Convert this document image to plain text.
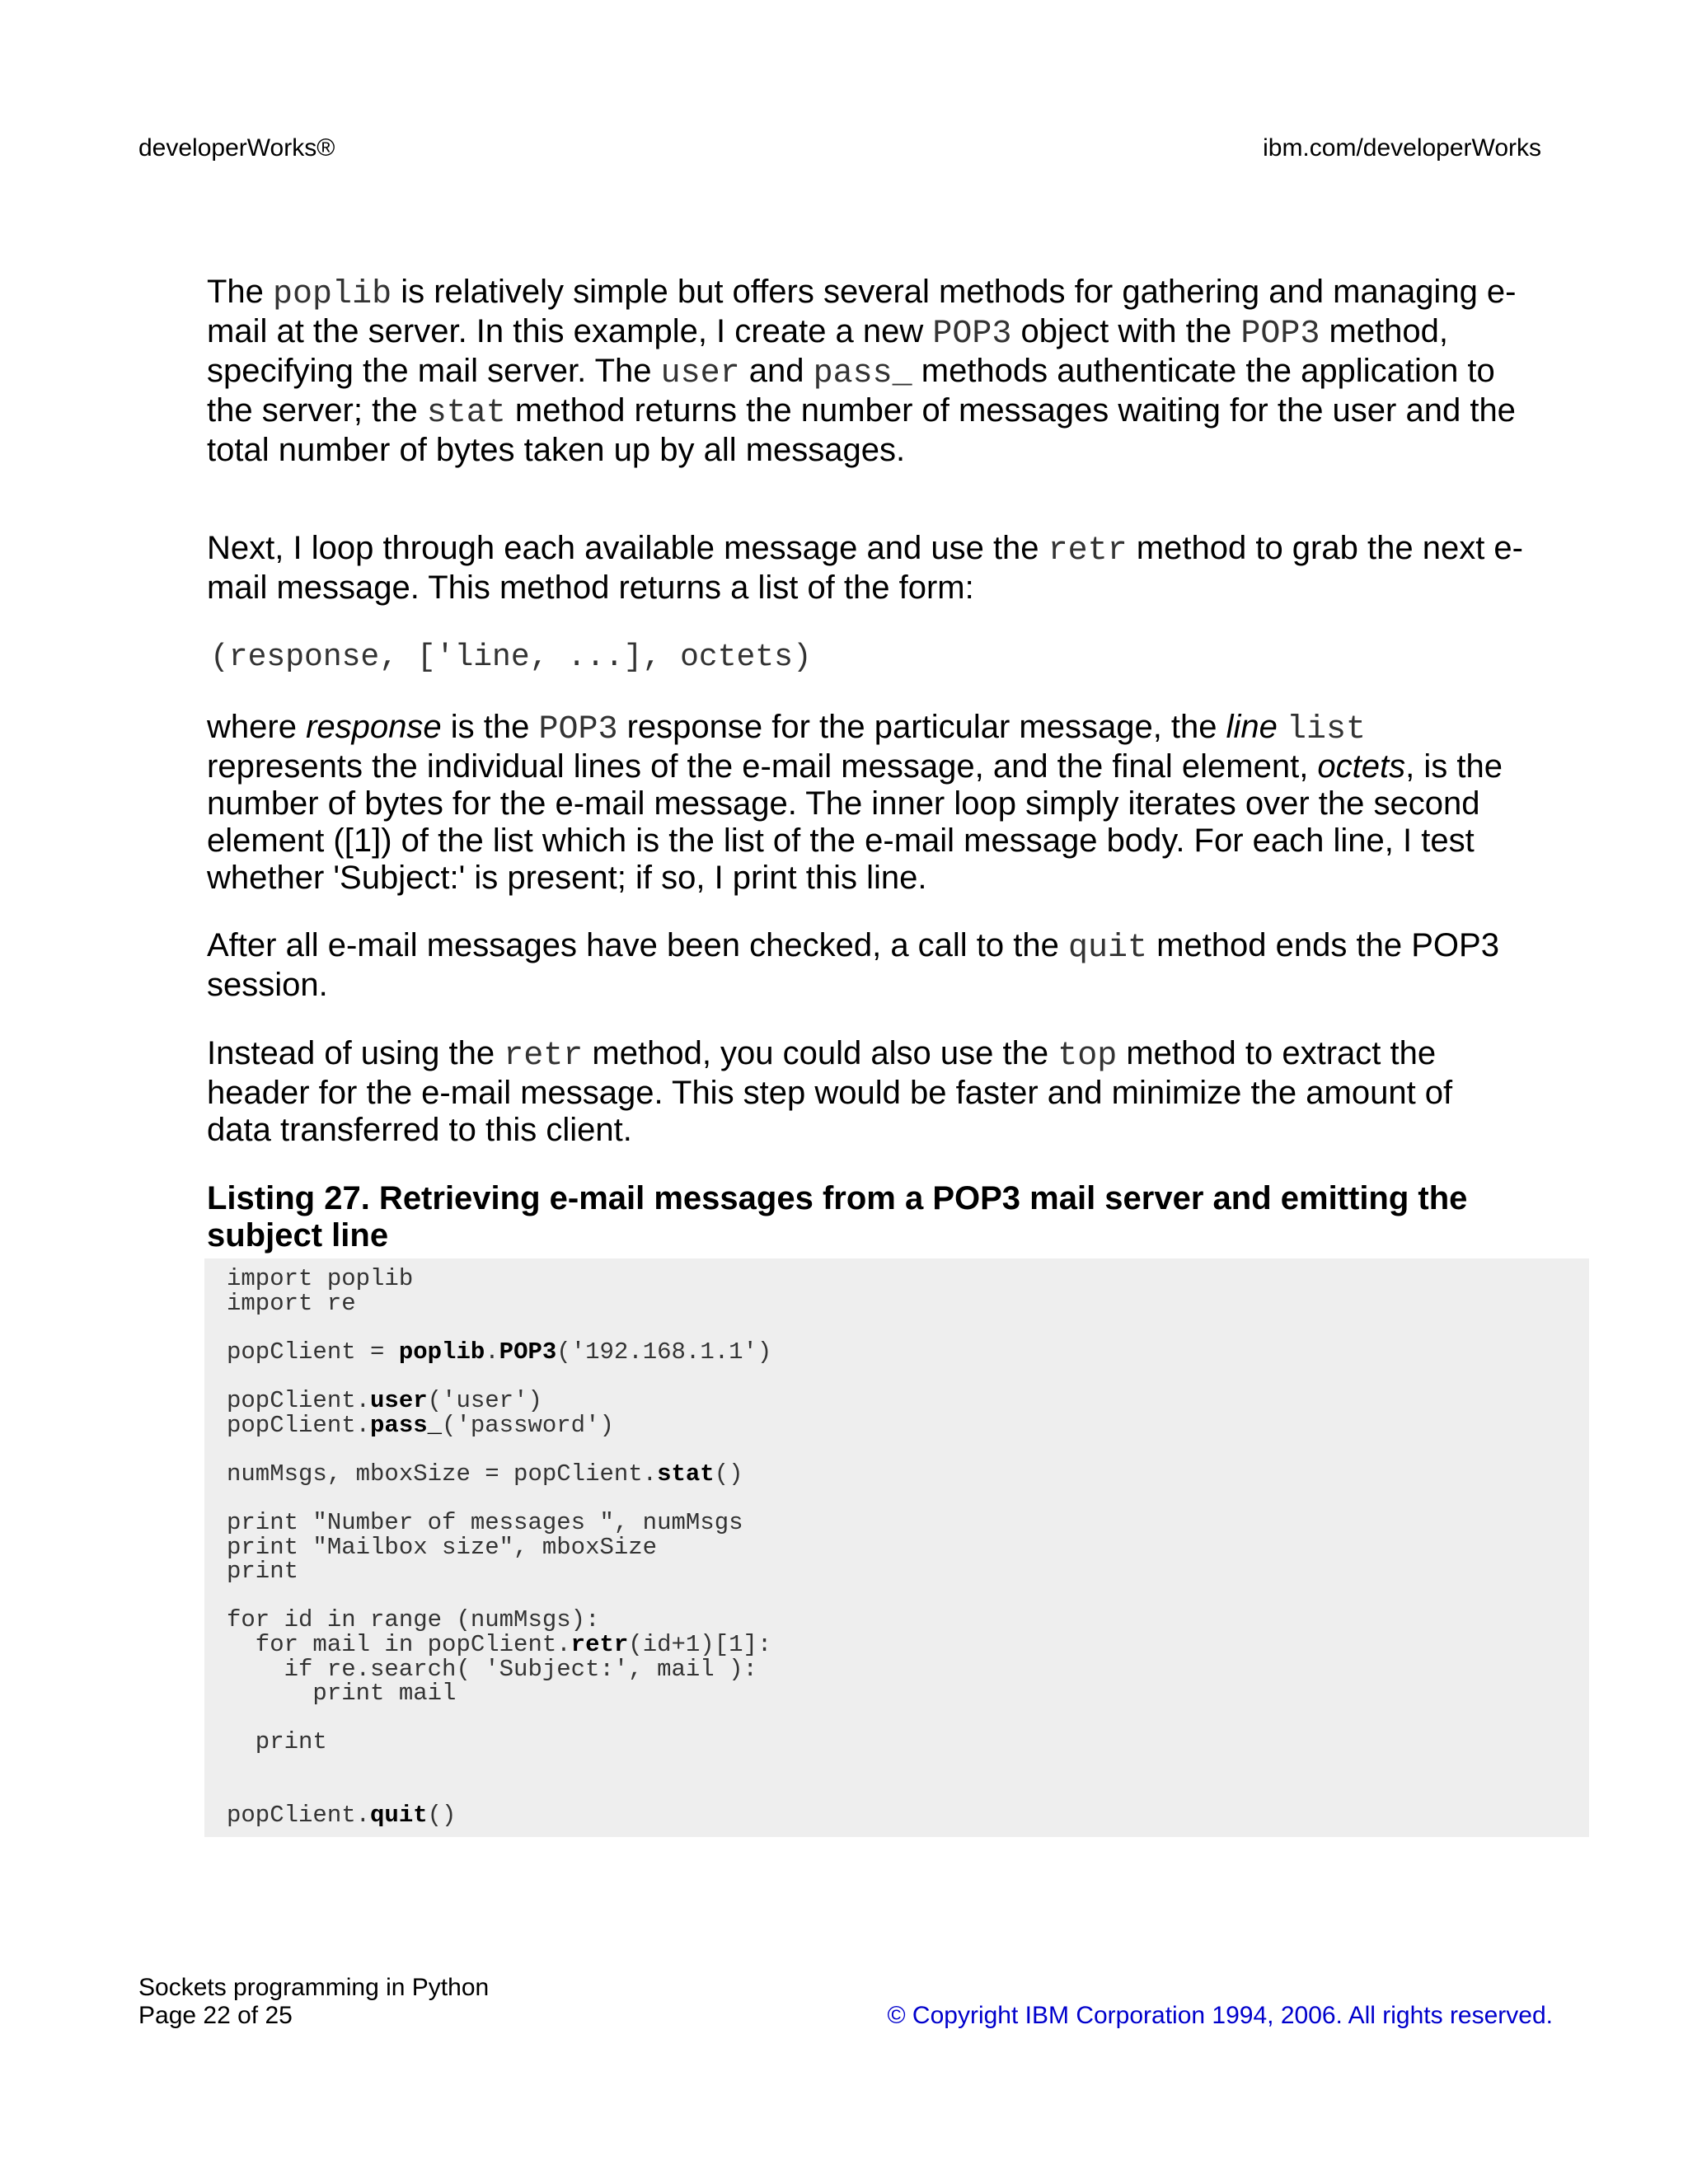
developerWorks®	ibm.com/developerWorks

The poplib is relatively simple but offers several methods for gathering and managing e-mail at the server. In this example, I create a new POP3 object with the POP3 method, specifying the mail server. The user and pass_ methods authenticate the application to the server; the stat method returns the number of messages waiting for the user and the total number of bytes taken up by all messages.

Next, I loop through each available message and use the retr method to grab the next e-mail message. This method returns a list of the form:

(response, ['line, ...], octets)

where response is the POP3 response for the particular message, the line list represents the individual lines of the e-mail message, and the final element, octets, is the number of bytes for the e-mail message. The inner loop simply iterates over the second element ([1]) of the list which is the list of the e-mail message body. For each line, I test whether 'Subject:' is present; if so, I print this line.

After all e-mail messages have been checked, a call to the quit method ends the POP3 session.

Instead of using the retr method, you could also use the top method to extract the header for the e-mail message. This step would be faster and minimize the amount of data transferred to this client.

Listing 27. Retrieving e-mail messages from a POP3 mail server and emitting the subject line
import poplib
import re

popClient = poplib.POP3('192.168.1.1')

popClient.user('user')
popClient.pass_('password')

numMsgs, mboxSize = popClient.stat()

print "Number of messages ", numMsgs
print "Mailbox size", mboxSize
print

for id in range (numMsgs):
for mail in popClient.retr(id+1)[1]:
if re.search( 'Subject:', mail ):
print mail

print

popClient.quit()
Sockets programming in Python
Page 22 of 25	© Copyright IBM Corporation 1994, 2006. All rights reserved.
